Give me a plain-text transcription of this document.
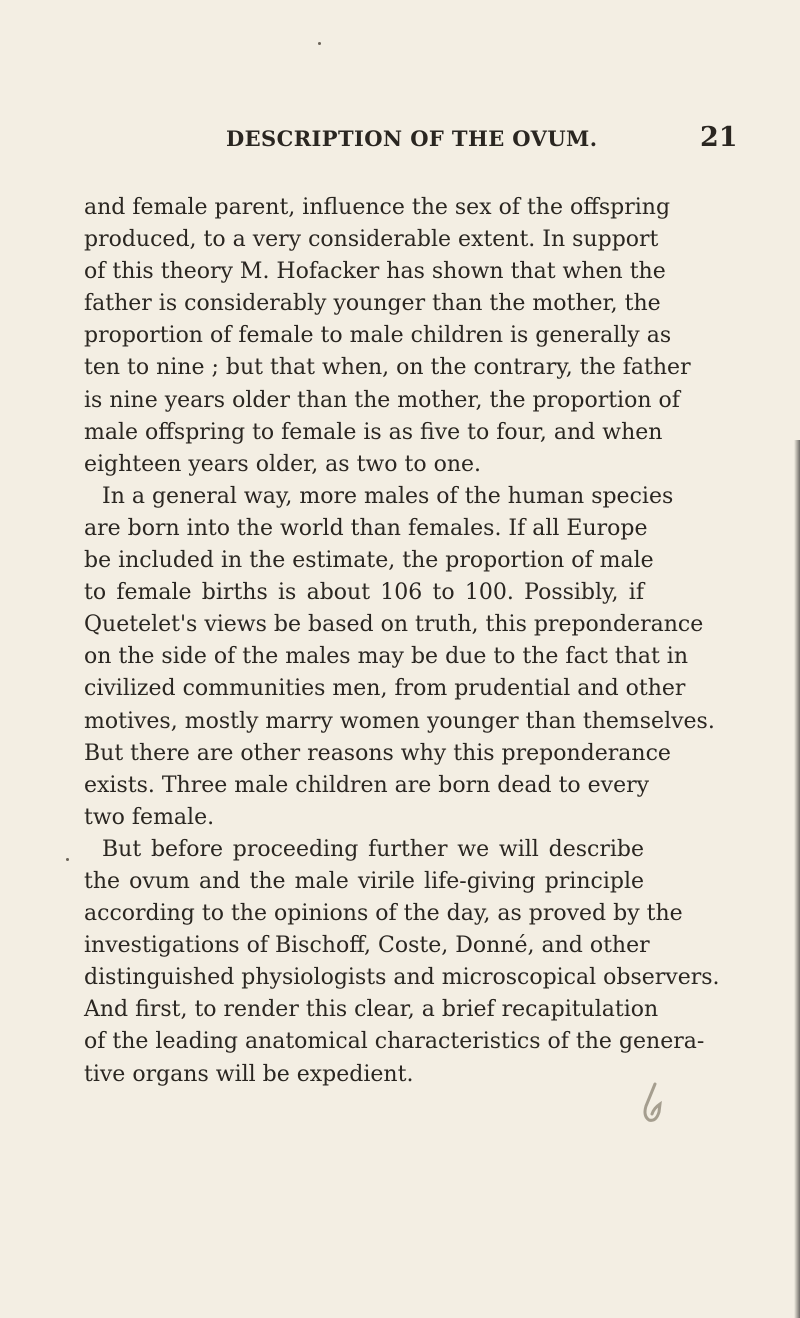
DESCRIPTION OF THE OVUM.	21
and female parent, influence the sex of the offspring
produced, to a very considerable extent. In support
of this theory M. Hofacker has shown that when the
father is considerably younger than the mother, the
proportion of female to male children is generally as
ten to nine ; but that when, on the contrary, the father
is nine years older than the mother, the proportion of
male offspring to female is as five to four, and when
eighteen years older, as two to one.
In a general way, more males of the human species
are born into the world than females. If all Europe
be included in the estimate, the proportion of male
to female births is about 106 to 100. Possibly, if
Quetelet's views be based on truth, this preponderance
on the side of the males may be due to the fact that in
civilized communities men, from prudential and other
motives, mostly marry women younger than themselves.
But there are other reasons why this preponderance
exists. Three male children are born dead to every
two female.
But before proceeding further we will describe
the ovum and the male virile life-giving principle
according to the opinions of the day, as proved by the
investigations of Bischoff, Coste, Donné, and other
distinguished physiologists and microscopical observers.
And first, to render this clear, a brief recapitulation
of the leading anatomical characteristics of the genera-
tive organs will be expedient.
